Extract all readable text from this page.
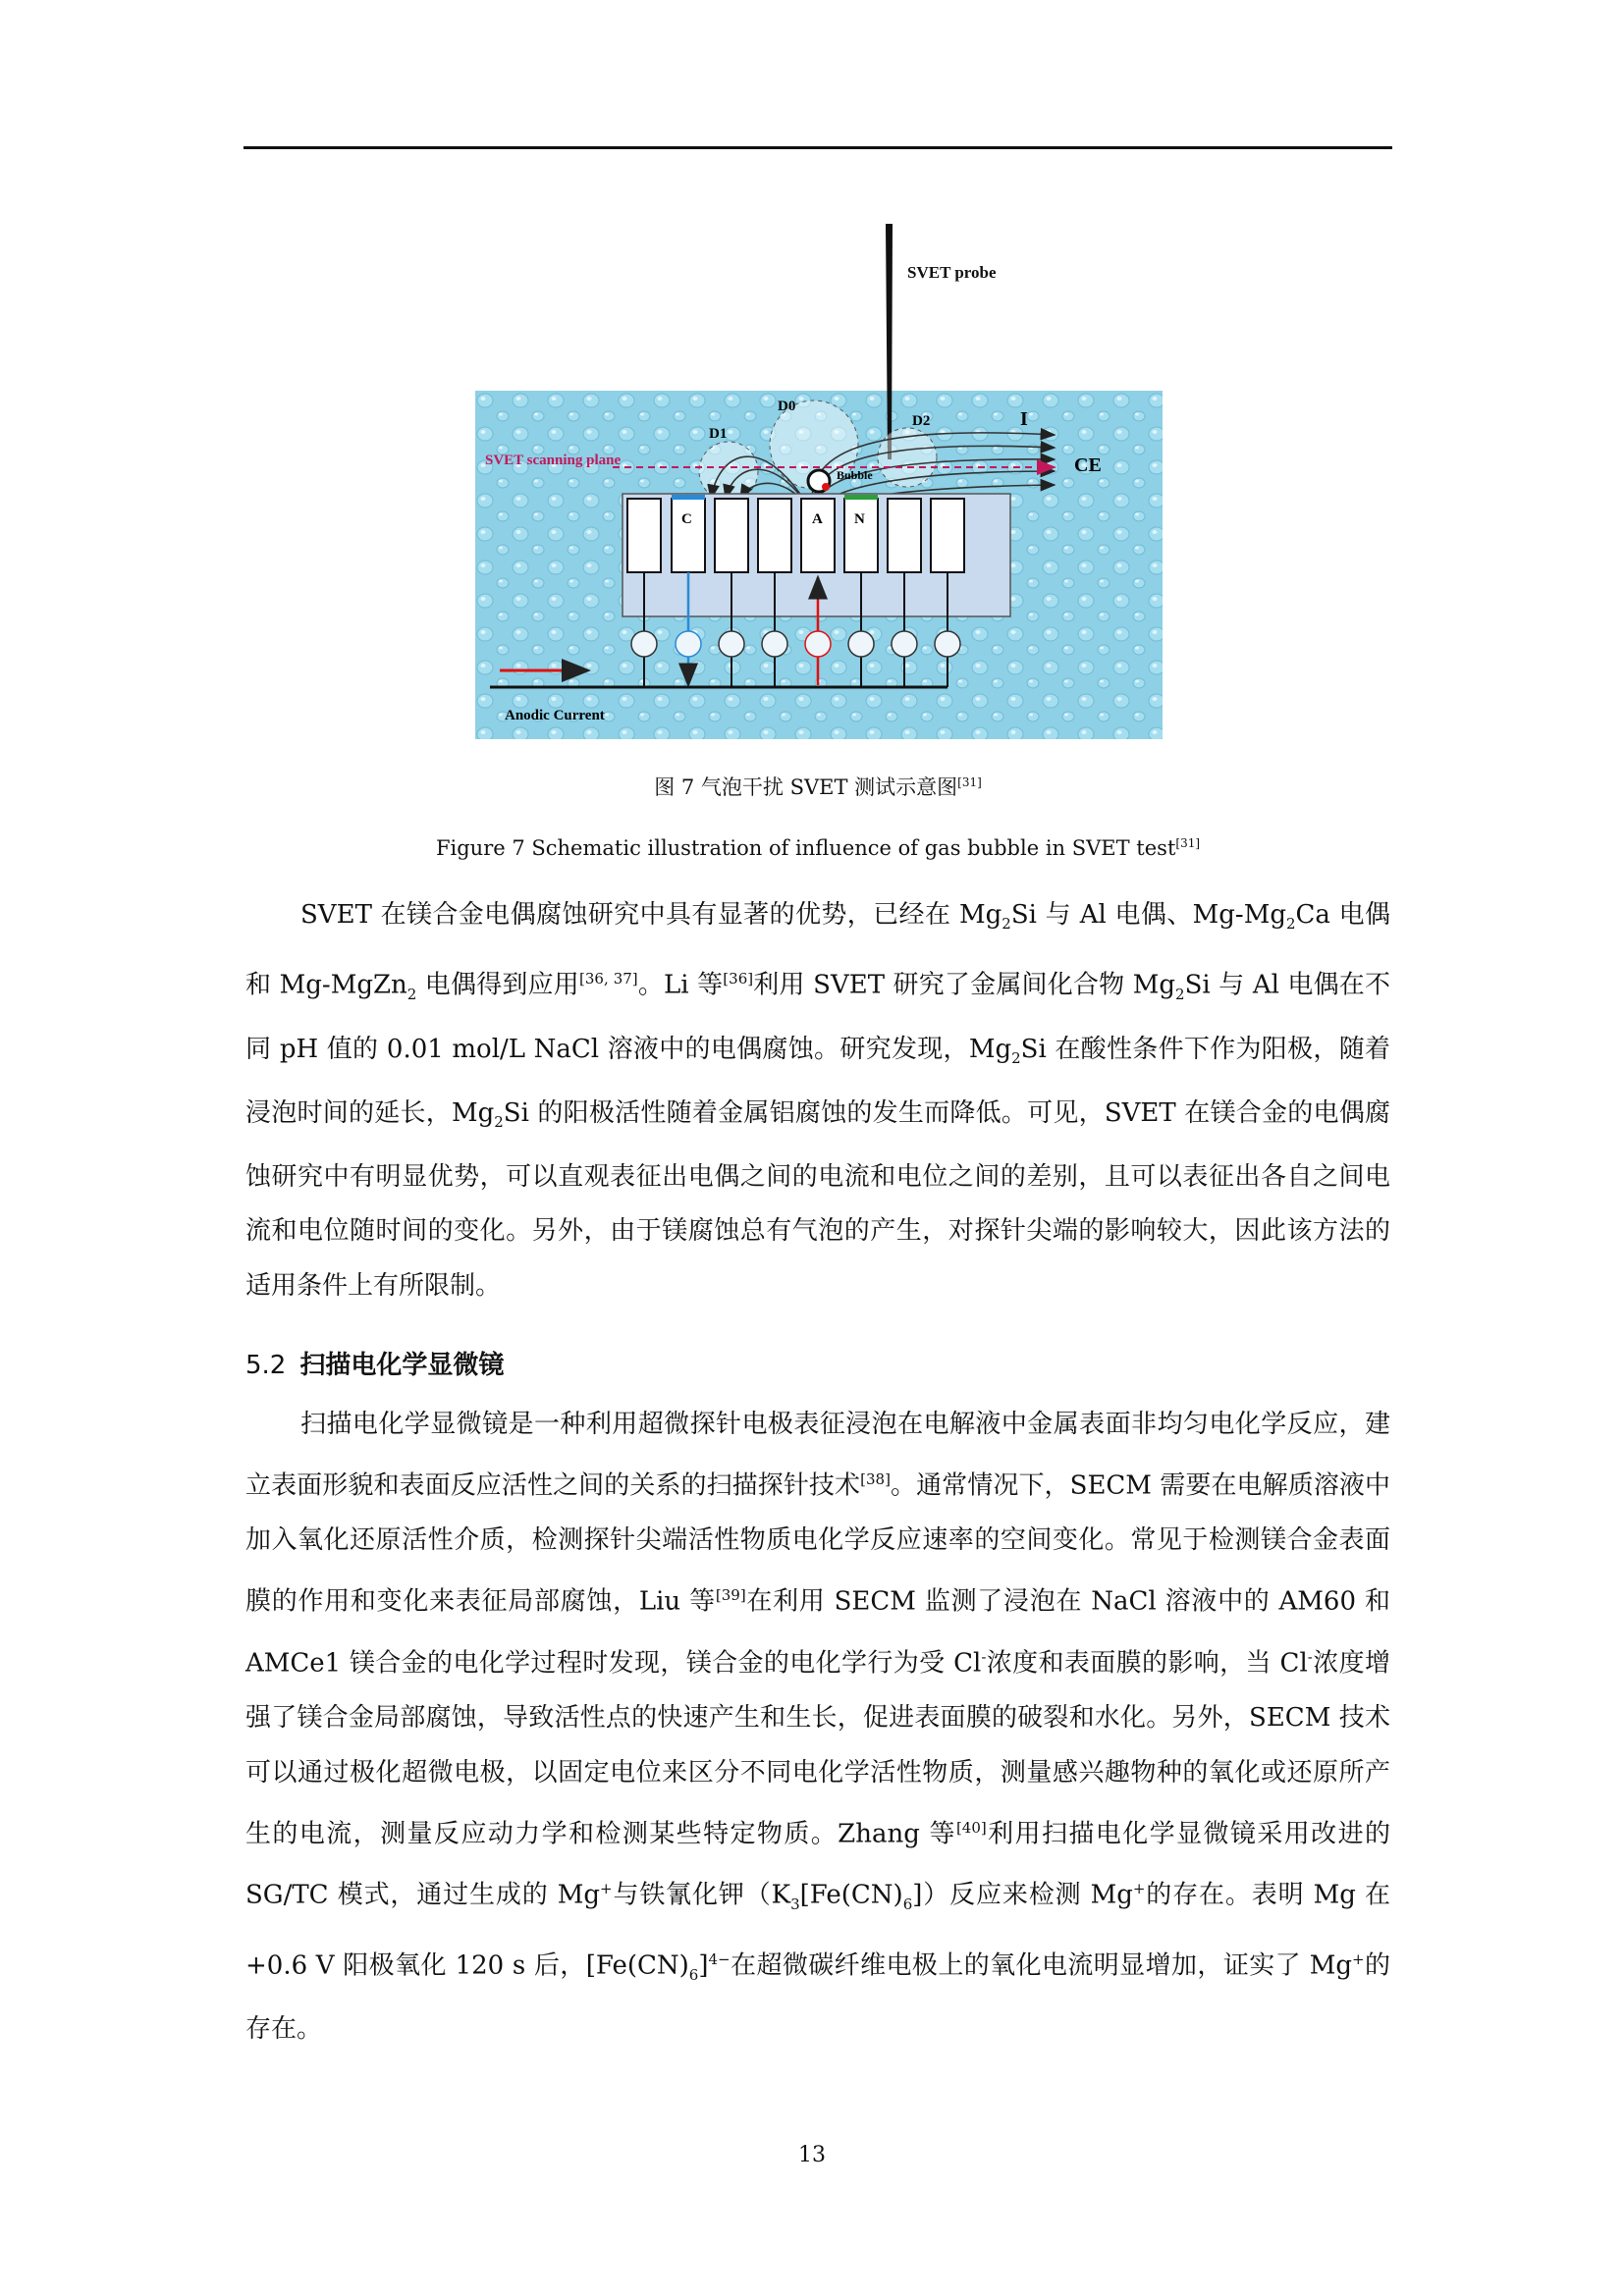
SVET probe
D0
D1
D2	I
CE
SVET scanning plane
Bubble
C	A N
Anodic Current
图 7 气泡干扰 SVET 测试示意图[31]
Figure 7 Schematic illustration of influence of gas bubble in SVET test[31]
SVET 在镁合金电偶腐蚀研究中具有显著的优势，已经在 $Mg_2Si$ 与 Al 电偶、$Mg-Mg_2Ca$ 电偶和 Mg-MgZn$_2$ 电偶得到应用[36, 37]。Li 等[36]利用 SVET 研究了金属间化合物 $Mg_2Si$ 与 Al 电偶在不同 pH 值的 0.01 mol/L NaCl 溶液中的电偶腐蚀。研究发现，$Mg_2Si$ 在酸性条件下作为阳极，随着浸泡时间的延长，$Mg_2Si$ 的阳极活性随着金属铝腐蚀的发生而降低。可见，SVET 在镁合金的电偶腐蚀研究中有明显优势，可以直观表征出电偶之间的电流和电位之间的差别，且可以表征出各自之间电流和电位随时间的变化。另外，由于镁腐蚀总有气泡的产生，对探针尖端的影响较大，因此该方法的适用条件上有所限制。
5.2 扫描电化学显微镜
扫描电化学显微镜是一种利用超微探针电极表征浸泡在电解液中金属表面非均匀电化学反应，建立表面形貌和表面反应活性之间的关系的扫描探针技术[38]。通常情况下，SECM 需要在电解质溶液中加入氧化还原活性介质，检测探针尖端活性物质电化学反应速率的空间变化。常见于检测镁合金表面膜的作用和变化来表征局部腐蚀，Liu 等[39]在利用 SECM 监测了浸泡在 NaCl 溶液中的 AM60 和 AMCe1 镁合金的电化学过程时发现，镁合金的电化学行为受 Cl-浓度和表面膜的影响，当 Cl-浓度增强了镁合金局部腐蚀，导致活性点的快速产生和生长，促进表面膜的破裂和水化。另外，SECM 技术可以通过极化超微电极，以固定电位来区分不同电化学活性物质，测量感兴趣物种的氧化或还原所产生的电流，测量反应动力学和检测某些特定物质。Zhang 等[40]利用扫描电化学显微镜采用改进的 SG/TC 模式，通过生成的 Mg+与铁氰化钾$(K_3[Fe(CN)_6])$反应来检测 Mg+的存在。表明 Mg 在+0.6 V 阳极氧化 120 s 后，$[Fe(CN)_6]^{4-}$在超微碳纤维电极上的氧化电流明显增加，证实了 Mg+的存在。
13
